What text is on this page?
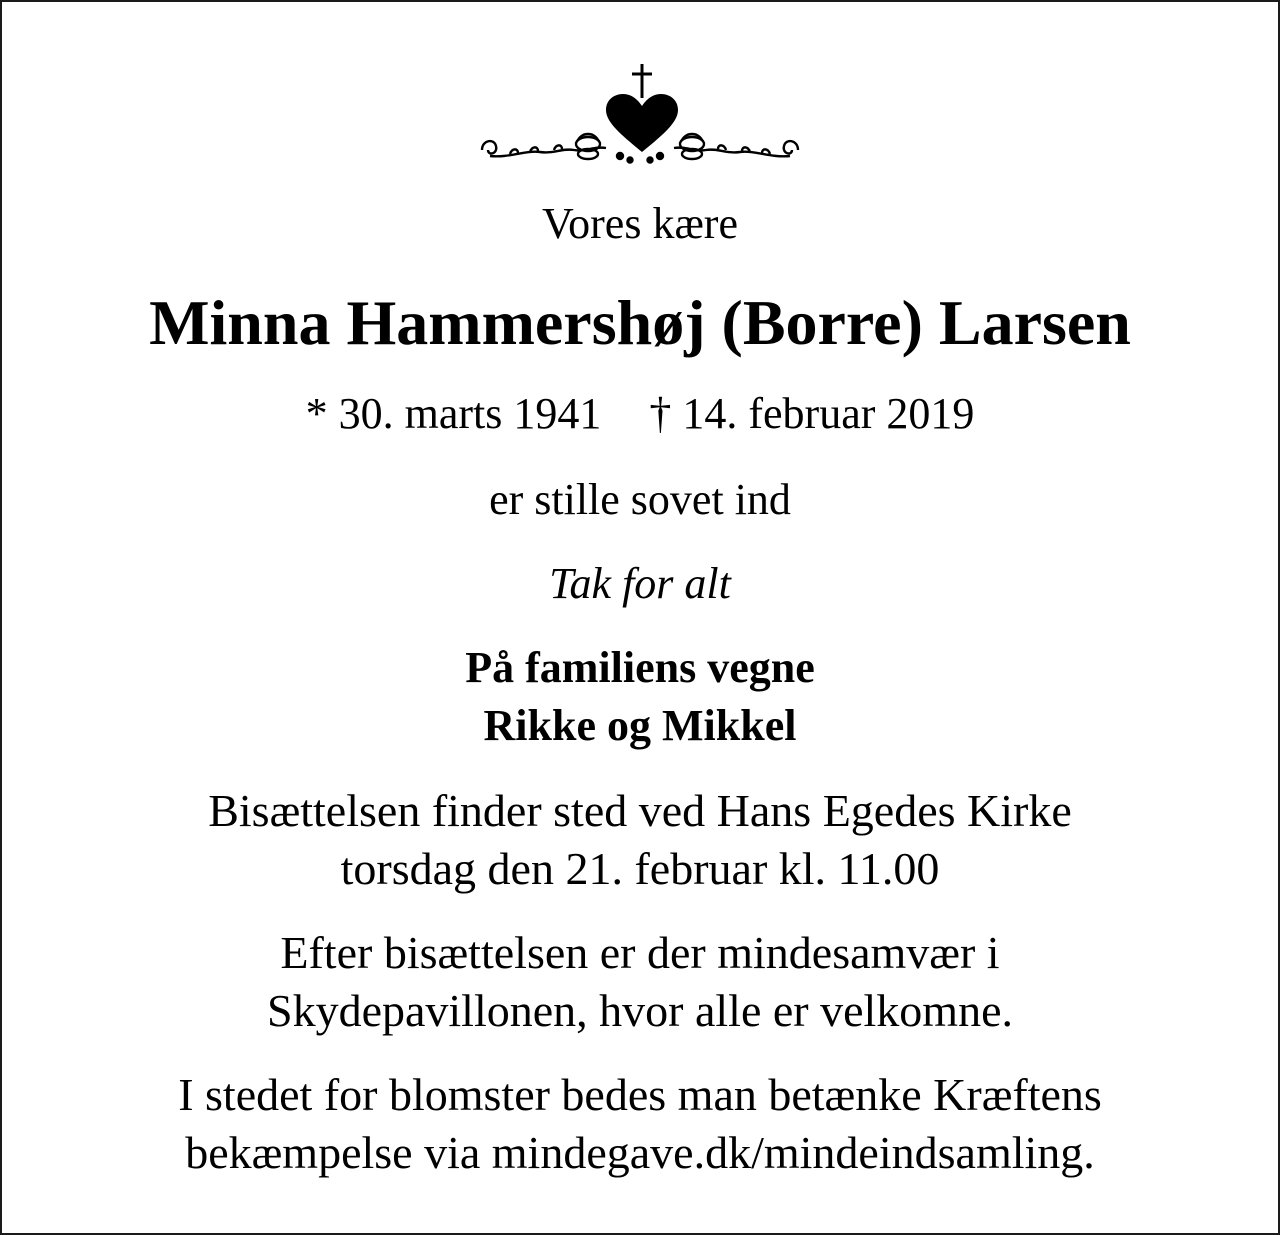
Vores kære
Minna Hammershøj (Borre) Larsen
* 30. marts 1941 † 14. februar 2019
er stille sovet ind
Tak for alt
På familiens vegne
Rikke og Mikkel
Bisættelsen finder sted ved Hans Egedes Kirke
torsdag den 21. februar kl. 11.00
Efter bisættelsen er der mindesamvær i
Skydepavillonen, hvor alle er velkomne.
I stedet for blomster bedes man betænke Kræftens
bekæmpelse via mindegave.dk/mindeindsamling.
